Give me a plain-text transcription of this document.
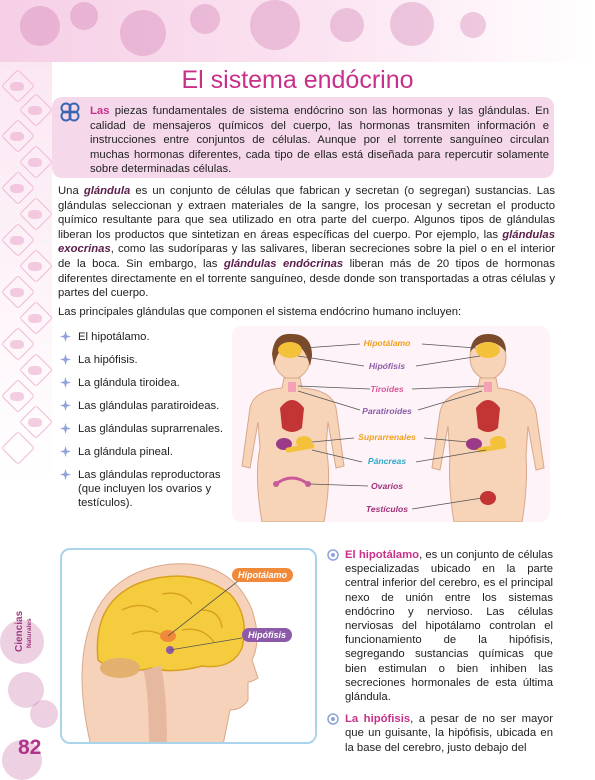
El sistema endócrino
Las piezas fundamentales de sistema endócrino son las hormonas y las glándulas. En calidad de mensajeros químicos del cuerpo, las hormonas transmiten información e instrucciones entre conjuntos de células. Aunque por el torrente sanguíneo circulan muchas hormonas diferentes, cada tipo de ellas está diseñada para repercutir solamente sobre determinadas células.
Una glándula es un conjunto de células que fabrican y secretan (o segregan) sustancias. Las glándulas seleccionan y extraen materiales de la sangre, los procesan y secretan el producto químico resultante para que sea utilizado en otra parte del cuerpo. Algunos tipos de glándulas liberan los productos que sintetizan en áreas específicas del cuerpo. Por ejemplo, las glándulas exocrinas, como las sudoríparas y las salivares, liberan secreciones sobre la piel o en el interior de la boca. Sin embargo, las glándulas endócrinas liberan más de 20 tipos de hormonas diferentes directamente en el torrente sanguíneo, desde donde son transportadas a otras células y partes del cuerpo.
Las principales glándulas que componen el sistema endócrino humano incluyen:
El hipotálamo.
La hipófisis.
La glándula tiroidea.
Las glándulas paratiroideas.
Las glándulas suprarrenales.
La glándula pineal.
Las glándulas reproductoras (que incluyen los ovarios y testículos).
Hipotálamo
Hipófisis
Tiroides
Paratiroides
Suprarrenales
Páncreas
Ovarios
Testículos
Hipotálamo
Hipófisis
El hipotálamo, es un conjunto de células especializadas ubicado en la parte central inferior del cerebro, es el principal nexo de unión entre los sistemas endócrino y nervioso. Las células nerviosas del hipotálamo controlan el funcionamiento de la hipófisis, segregando sustancias químicas que bien estimulan o bien inhiben las secreciones hormonales de esta última glándula.
La hipófisis, a pesar de no ser mayor que un guisante, la hipófisis, ubicada en la base del cerebro, justo debajo del
Ciencias Naturales
82
